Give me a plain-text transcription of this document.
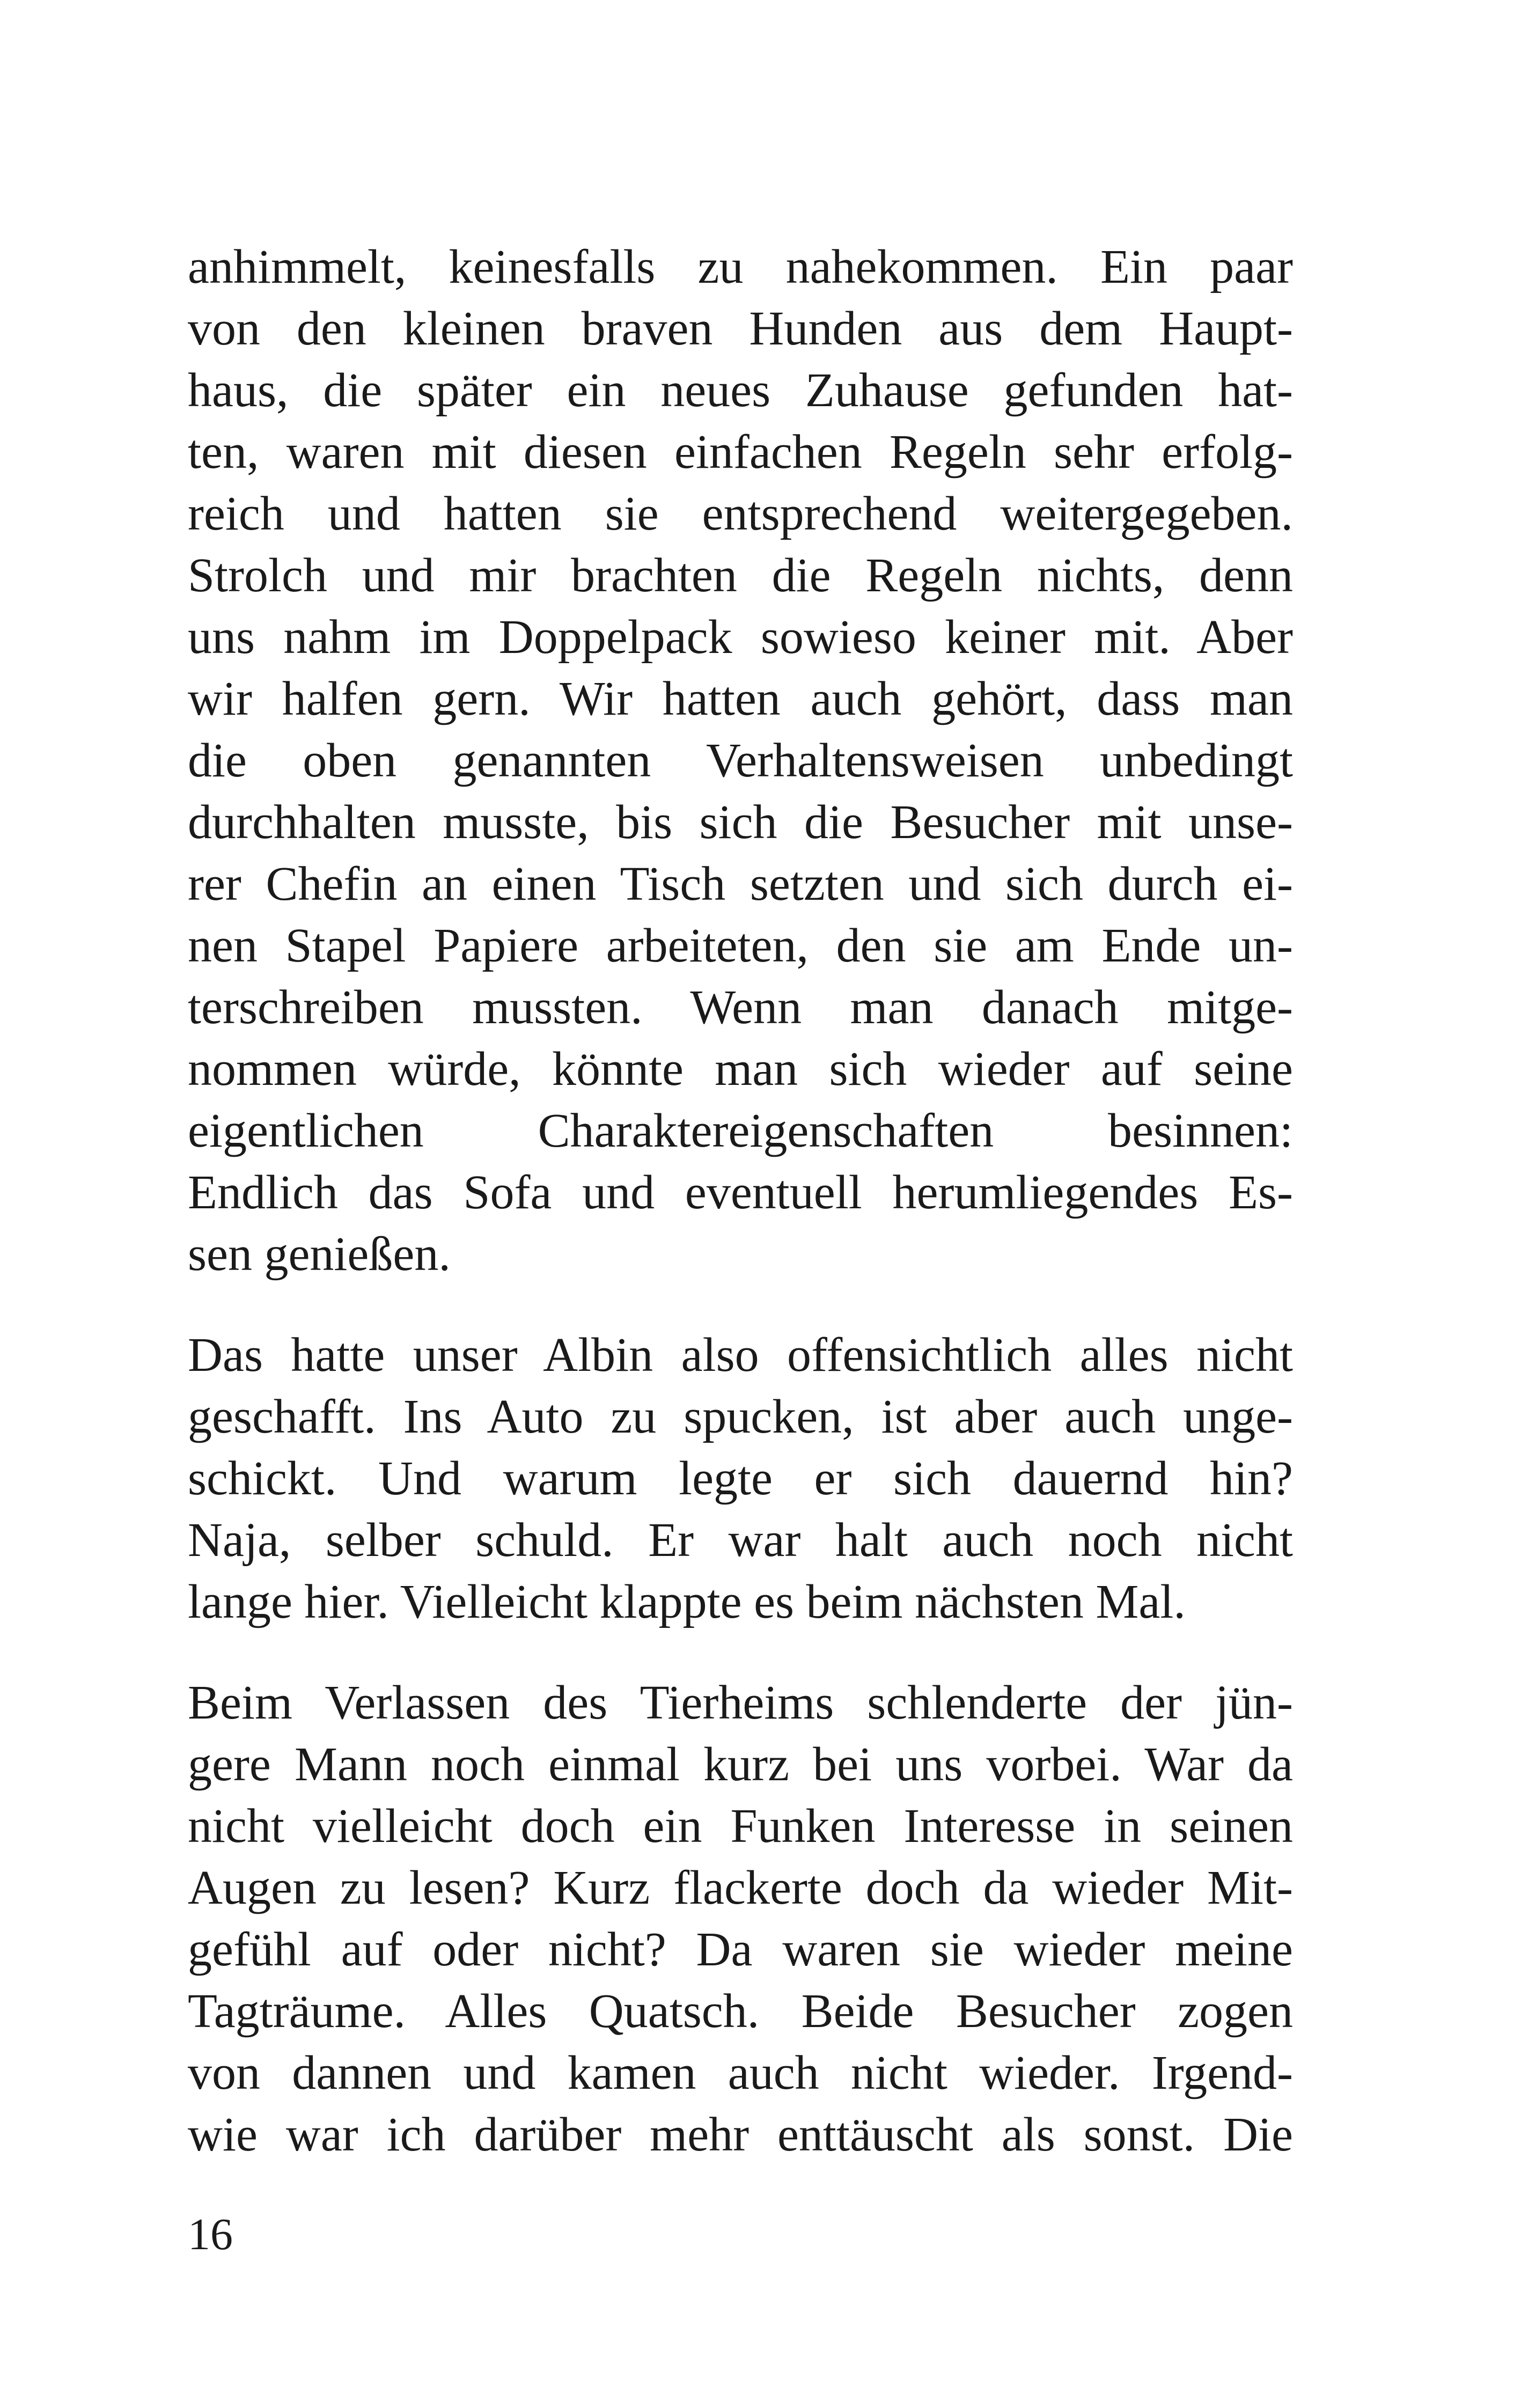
anhimmelt, keinesfalls zu nahekommen. Ein paar
von den kleinen braven Hunden aus dem Haupt-
haus, die später ein neues Zuhause gefunden hat-
ten, waren mit diesen einfachen Regeln sehr erfolg-
reich und hatten sie entsprechend weitergegeben.
Strolch und mir brachten die Regeln nichts, denn
uns nahm im Doppelpack sowieso keiner mit. Aber
wir halfen gern. Wir hatten auch gehört, dass man
die oben genannten Verhaltensweisen unbedingt
durchhalten musste, bis sich die Besucher mit unse-
rer Chefin an einen Tisch setzten und sich durch ei-
nen Stapel Papiere arbeiteten, den sie am Ende un-
terschreiben mussten. Wenn man danach mitge-
nommen würde, könnte man sich wieder auf seine
eigentlichen Charaktereigenschaften besinnen:
Endlich das Sofa und eventuell herumliegendes Es-
sen genießen.
Das hatte unser Albin also offensichtlich alles nicht
geschafft. Ins Auto zu spucken, ist aber auch unge-
schickt. Und warum legte er sich dauernd hin?
Naja, selber schuld. Er war halt auch noch nicht
lange hier. Vielleicht klappte es beim nächsten Mal.
Beim Verlassen des Tierheims schlenderte der jün-
gere Mann noch einmal kurz bei uns vorbei. War da
nicht vielleicht doch ein Funken Interesse in seinen
Augen zu lesen? Kurz flackerte doch da wieder Mit-
gefühl auf oder nicht? Da waren sie wieder meine
Tagträume. Alles Quatsch. Beide Besucher zogen
von dannen und kamen auch nicht wieder. Irgend-
wie war ich darüber mehr enttäuscht als sonst. Die
16
